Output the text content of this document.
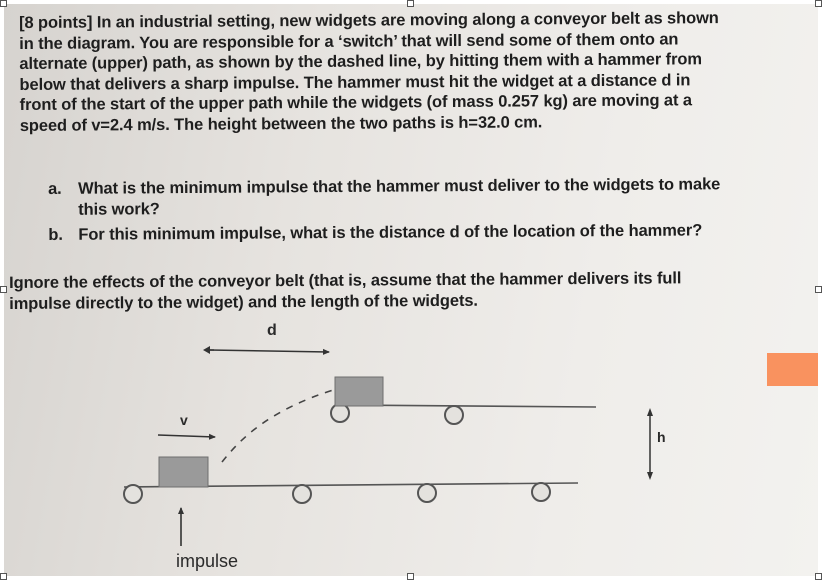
[8 points] In an industrial setting, new widgets are moving along a conveyor belt as shown
in the diagram. You are responsible for a ‘switch’ that will send some of them onto an
alternate (upper) path, as shown by the dashed line, by hitting them with a hammer from
below that delivers a sharp impulse. The hammer must hit the widget at a distance d in
front of the start of the upper path while the widgets (of mass 0.257 kg) are moving at a
speed of v=2.4 m/s. The height between the two paths is h=32.0 cm.
a. What is the minimum impulse that the hammer must deliver to the widgets to make
this work?
b. For this minimum impulse, what is the distance d of the location of the hammer?
Ignore the effects of the conveyor belt (that is, assume that the hammer delivers its full
impulse directly to the widget) and the length of the widgets.
d
v
h
impulse
